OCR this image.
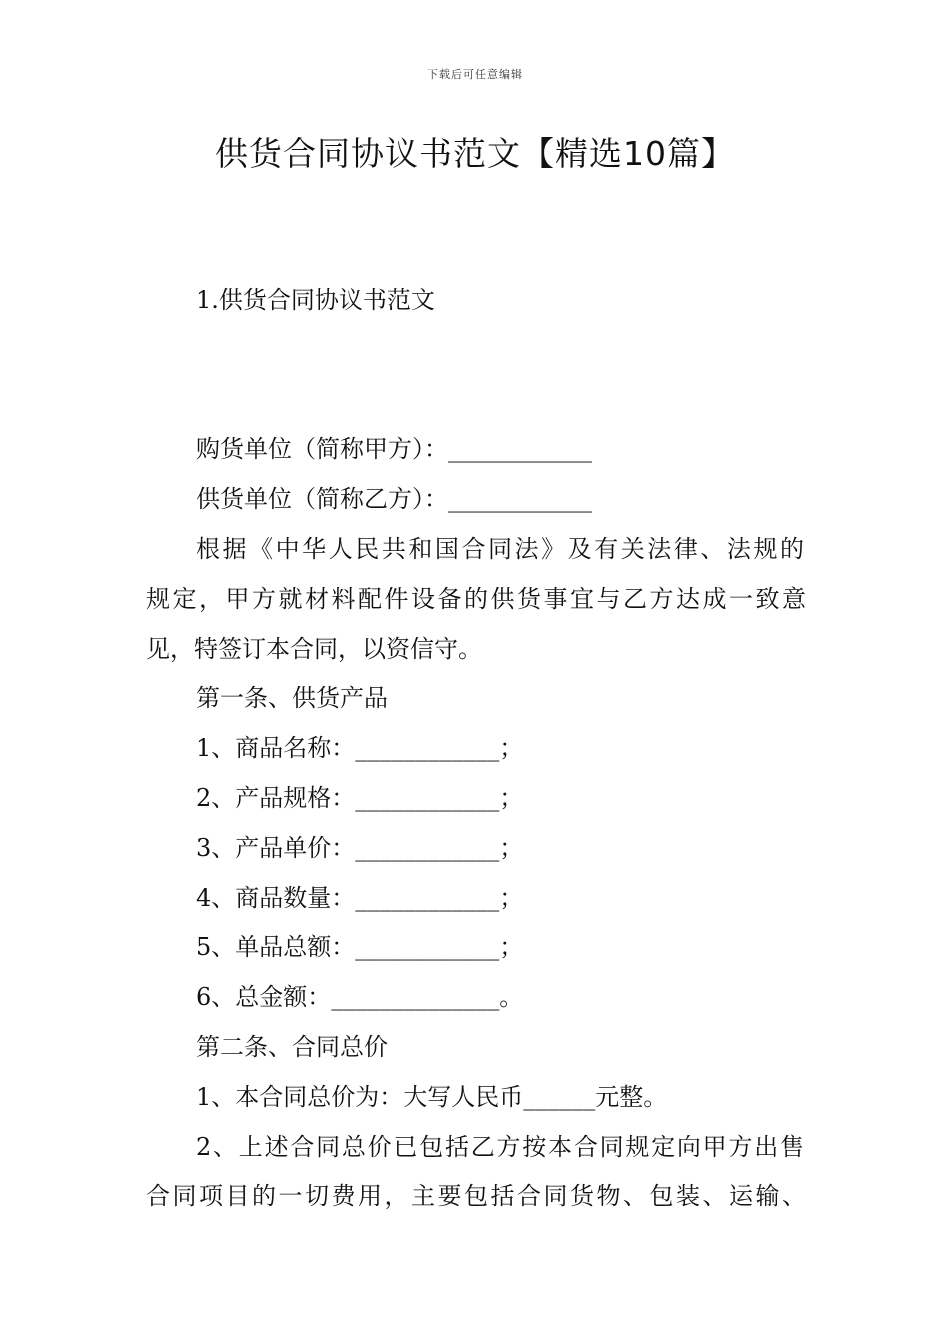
下载后可任意编辑
供货合同协议书范文【精选10篇】
1.供货合同协议书范文
购货单位（简称甲方）：____________
供货单位（简称乙方）：____________
根据《中华人民共和国合同法》及有关法律、法规的
规定，甲方就材料配件设备的供货事宜与乙方达成一致意
见，特签订本合同，以资信守。
第一条、供货产品
1、商品名称：____________；
2、产品规格：____________；
3、产品单价：____________；
4、商品数量：____________；
5、单品总额：____________；
6、总金额：______________。
第二条、合同总价
1、本合同总价为：大写人民币______元整。
2、上述合同总价已包括乙方按本合同规定向甲方出售
合同项目的一切费用，主要包括合同货物、包装、运输、
